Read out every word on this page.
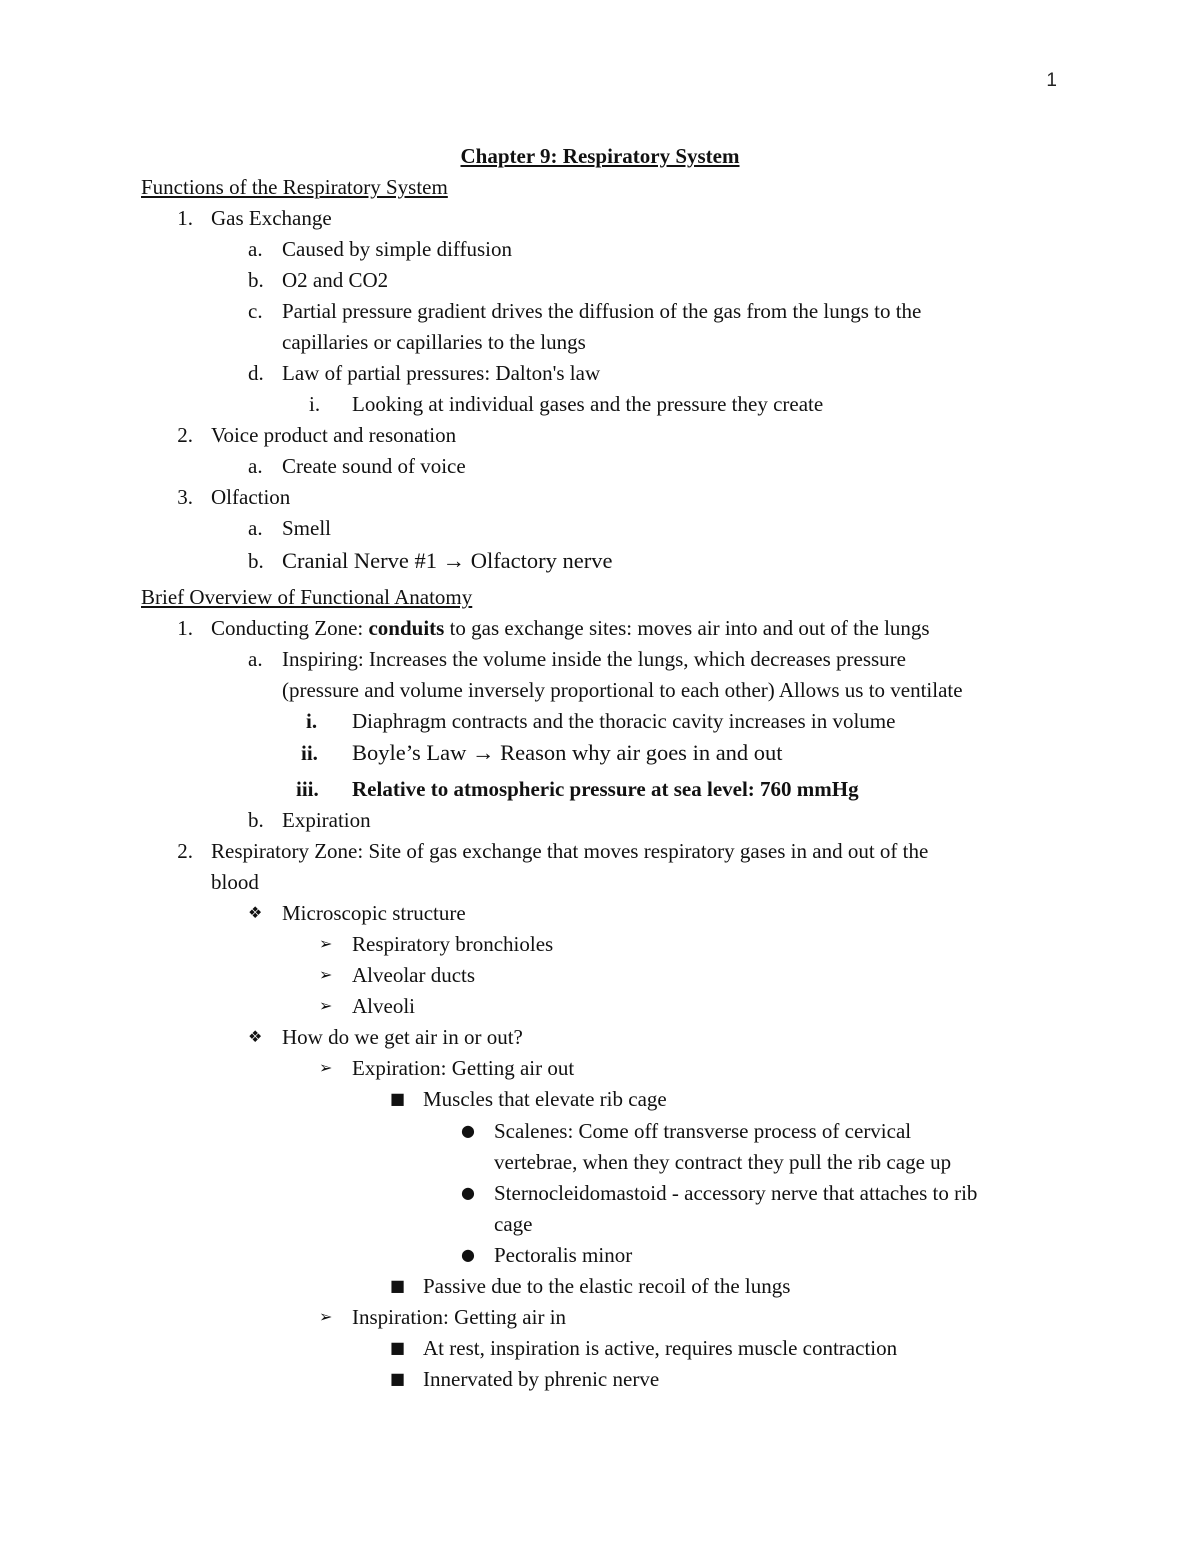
1
Chapter 9: Respiratory System
Functions of the Respiratory System
1. Gas Exchange
a. Caused by simple diffusion
b. O2 and CO2
c. Partial pressure gradient drives the diffusion of the gas from the lungs to the
capillaries or capillaries to the lungs
d. Law of partial pressures: Dalton's law
i. Looking at individual gases and the pressure they create
2. Voice product and resonation
a. Create sound of voice
3. Olfaction
a. Smell
b. Cranial Nerve #1 → Olfactory nerve
Brief Overview of Functional Anatomy
1. Conducting Zone: conduits to gas exchange sites: moves air into and out of the lungs
a. Inspiring: Increases the volume inside the lungs, which decreases pressure
(pressure and volume inversely proportional to each other) Allows us to ventilate
i. Diaphragm contracts and the thoracic cavity increases in volume
ii. Boyle’s Law → Reason why air goes in and out
iii. Relative to atmospheric pressure at sea level: 760 mmHg
b. Expiration
2. Respiratory Zone: Site of gas exchange that moves respiratory gases in and out of the
blood
❖ Microscopic structure
➢ Respiratory bronchioles
➢ Alveolar ducts
➢ Alveoli
❖ How do we get air in or out?
➢ Expiration: Getting air out
■ Muscles that elevate rib cage
● Scalenes: Come off transverse process of cervical
vertebrae, when they contract they pull the rib cage up
● Sternocleidomastoid - accessory nerve that attaches to rib
cage
● Pectoralis minor
■ Passive due to the elastic recoil of the lungs
➢ Inspiration: Getting air in
■ At rest, inspiration is active, requires muscle contraction
■ Innervated by phrenic nerve
